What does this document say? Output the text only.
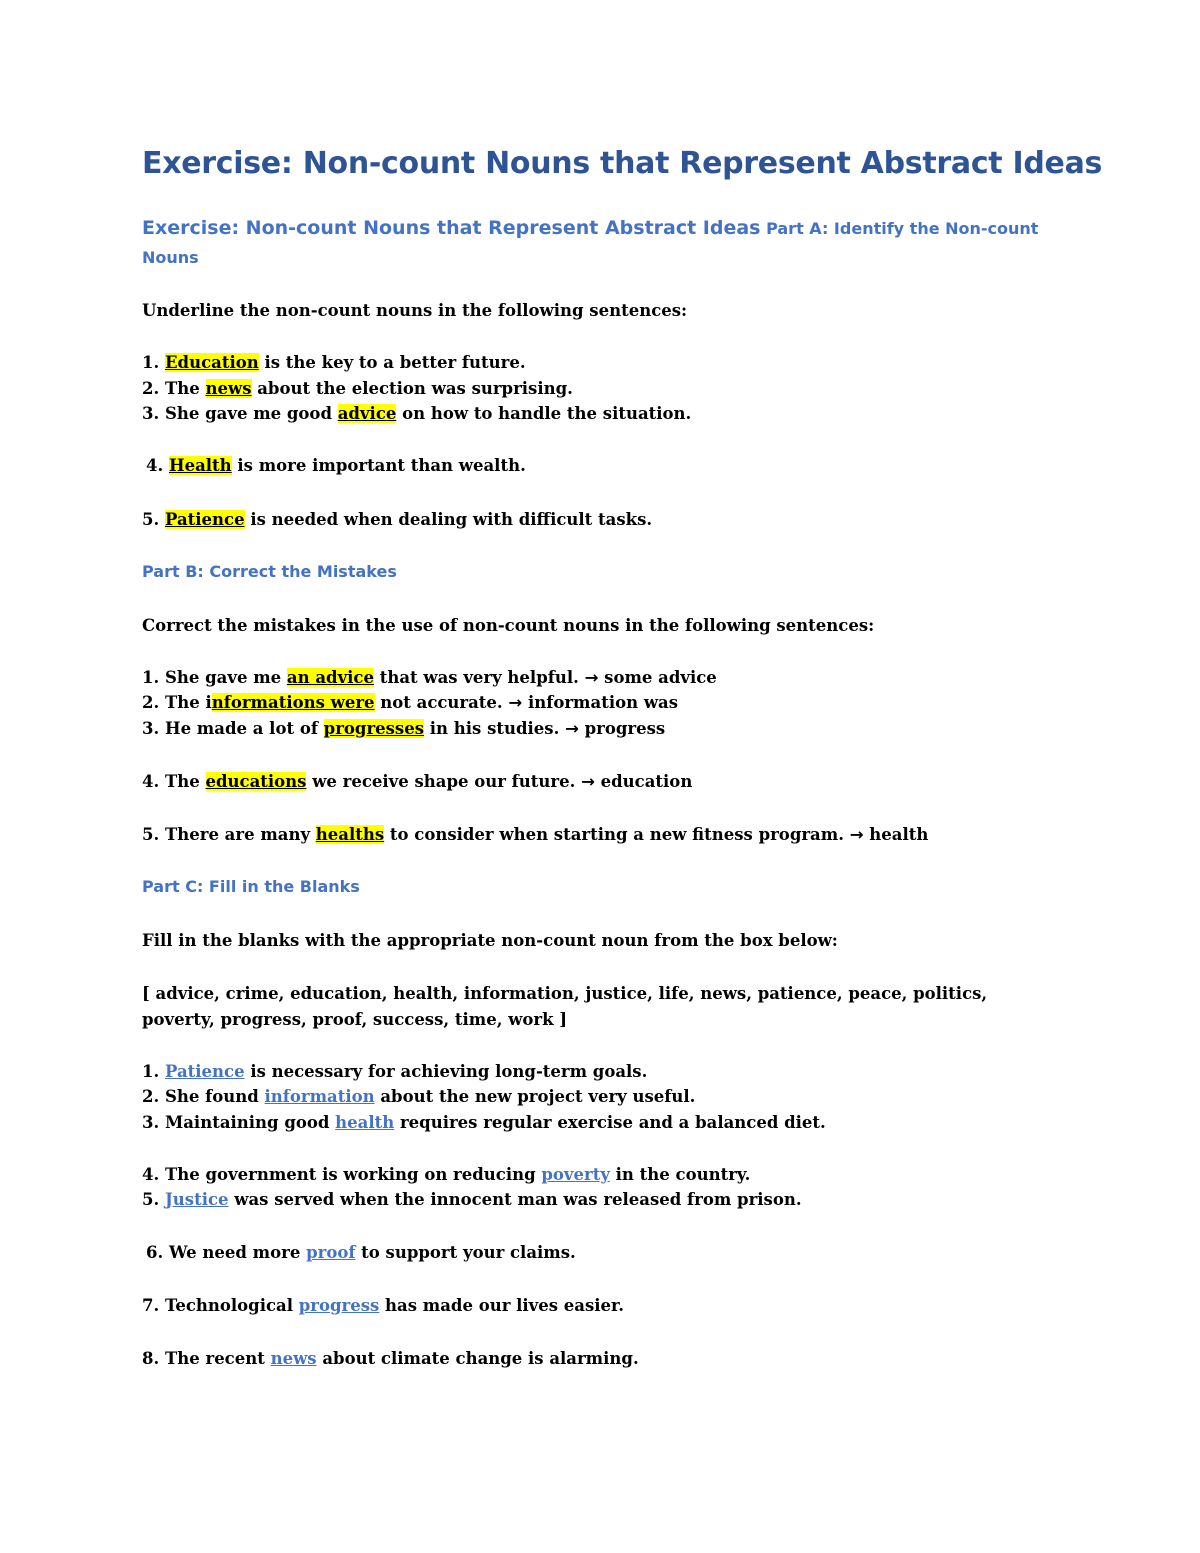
Exercise: Non-count Nouns that Represent Abstract Ideas
Exercise: Non-count Nouns that Represent Abstract Ideas Part A: Identify the Non-count Nouns
Underline the non-count nouns in the following sentences:
1. Education is the key to a better future.
2. The news about the election was surprising.
3. She gave me good advice on how to handle the situation.
4. Health is more important than wealth.
5. Patience is needed when dealing with difficult tasks.
Part B: Correct the Mistakes
Correct the mistakes in the use of non-count nouns in the following sentences:
1. She gave me an advice that was very helpful. → some advice
2. The informations were not accurate. → information was
3. He made a lot of progresses in his studies. → progress
4. The educations we receive shape our future. → education
5. There are many healths to consider when starting a new fitness program. → health
Part C: Fill in the Blanks
Fill in the blanks with the appropriate non-count noun from the box below:
[ advice, crime, education, health, information, justice, life, news, patience, peace, politics, poverty, progress, proof, success, time, work ]
1. Patience is necessary for achieving long-term goals.
2. She found information about the new project very useful.
3. Maintaining good health requires regular exercise and a balanced diet.
4. The government is working on reducing poverty in the country.
5. Justice was served when the innocent man was released from prison.
6. We need more proof to support your claims.
7. Technological progress has made our lives easier.
8. The recent news about climate change is alarming.
